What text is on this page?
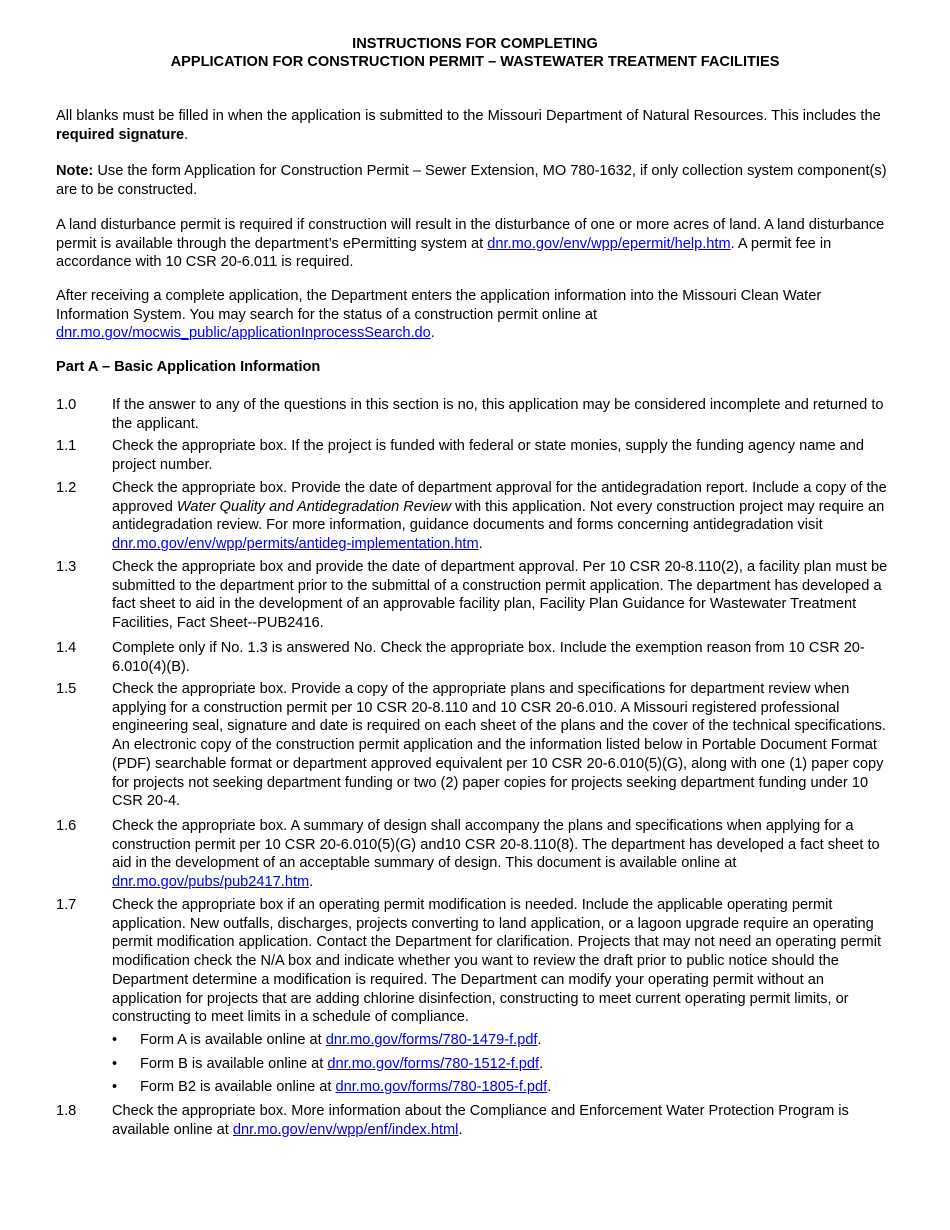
INSTRUCTIONS FOR COMPLETING
APPLICATION FOR CONSTRUCTION PERMIT – WASTEWATER TREATMENT FACILITIES
All blanks must be filled in when the application is submitted to the Missouri Department of Natural Resources. This includes the required signature.
Note: Use the form Application for Construction Permit – Sewer Extension, MO 780-1632, if only collection system component(s) are to be constructed.
A land disturbance permit is required if construction will result in the disturbance of one or more acres of land. A land disturbance permit is available through the department’s ePermitting system at dnr.mo.gov/env/wpp/epermit/help.htm. A permit fee in accordance with 10 CSR 20-6.011 is required.
After receiving a complete application, the Department enters the application information into the Missouri Clean Water Information System. You may search for the status of a construction permit online at dnr.mo.gov/mocwis_public/applicationInprocessSearch.do.
Part A – Basic Application Information
1.0 If the answer to any of the questions in this section is no, this application may be considered incomplete and returned to the applicant.
1.1 Check the appropriate box. If the project is funded with federal or state monies, supply the funding agency name and project number.
1.2 Check the appropriate box. Provide the date of department approval for the antidegradation report. Include a copy of the approved Water Quality and Antidegradation Review with this application. Not every construction project may require an antidegradation review. For more information, guidance documents and forms concerning antidegradation visit dnr.mo.gov/env/wpp/permits/antideg-implementation.htm.
1.3 Check the appropriate box and provide the date of department approval. Per 10 CSR 20-8.110(2), a facility plan must be submitted to the department prior to the submittal of a construction permit application. The department has developed a fact sheet to aid in the development of an approvable facility plan, Facility Plan Guidance for Wastewater Treatment Facilities, Fact Sheet--PUB2416.
1.4 Complete only if No. 1.3 is answered No. Check the appropriate box. Include the exemption reason from 10 CSR 20-6.010(4)(B).
1.5 Check the appropriate box. Provide a copy of the appropriate plans and specifications for department review when applying for a construction permit per 10 CSR 20-8.110 and 10 CSR 20-6.010. A Missouri registered professional engineering seal, signature and date is required on each sheet of the plans and the cover of the technical specifications. An electronic copy of the construction permit application and the information listed below in Portable Document Format (PDF) searchable format or department approved equivalent per 10 CSR 20-6.010(5)(G), along with one (1) paper copy for projects not seeking department funding or two (2) paper copies for projects seeking department funding under 10 CSR 20-4.
1.6 Check the appropriate box. A summary of design shall accompany the plans and specifications when applying for a construction permit per 10 CSR 20-6.010(5)(G) and10 CSR 20-8.110(8). The department has developed a fact sheet to aid in the development of an acceptable summary of design. This document is available online at dnr.mo.gov/pubs/pub2417.htm.
1.7 Check the appropriate box if an operating permit modification is needed. Include the applicable operating permit application. New outfalls, discharges, projects converting to land application, or a lagoon upgrade require an operating permit modification application. Contact the Department for clarification. Projects that may not need an operating permit modification check the N/A box and indicate whether you want to review the draft prior to public notice should the Department determine a modification is required. The Department can modify your operating permit without an application for projects that are adding chlorine disinfection, constructing to meet current operating permit limits, or constructing to meet limits in a schedule of compliance.
• Form A is available online at dnr.mo.gov/forms/780-1479-f.pdf.
• Form B is available online at dnr.mo.gov/forms/780-1512-f.pdf.
• Form B2 is available online at dnr.mo.gov/forms/780-1805-f.pdf.
1.8 Check the appropriate box. More information about the Compliance and Enforcement Water Protection Program is available online at dnr.mo.gov/env/wpp/enf/index.html.
